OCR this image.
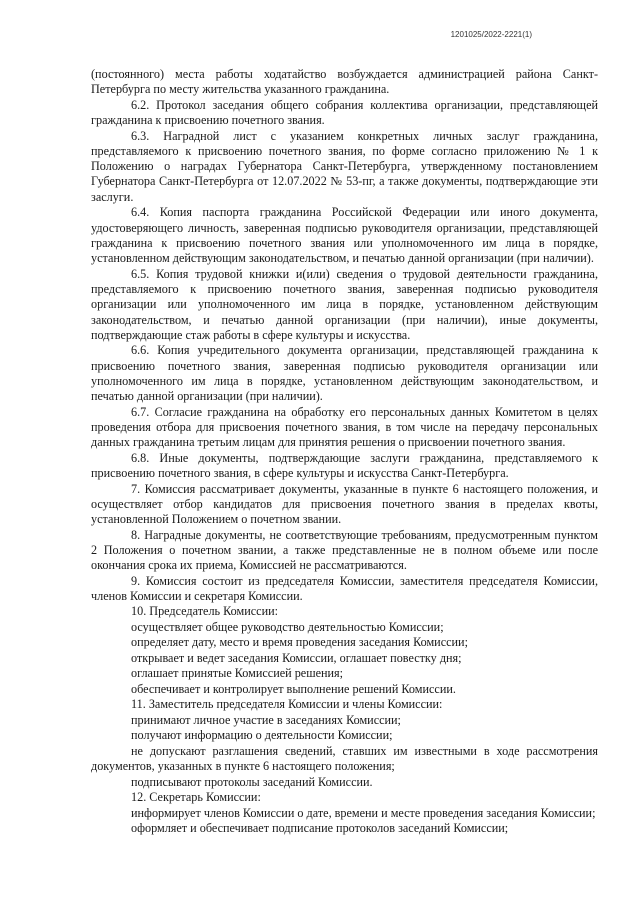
1201025/2022-2221(1)

(постоянного) места работы ходатайство возбуждается администрацией района Санкт-Петербурга по месту жительства указанного гражданина.

6.2. Протокол заседания общего собрания коллектива организации, представляющей гражданина к присвоению почетного звания.

6.3. Наградной лист с указанием конкретных личных заслуг гражданина, представляемого к присвоению почетного звания, по форме согласно приложению № 1 к Положению о наградах Губернатора Санкт-Петербурга, утвержденному постановлением Губернатора Санкт-Петербурга от 12.07.2022 № 53-пг, а также документы, подтверждающие эти заслуги.

6.4. Копия паспорта гражданина Российской Федерации или иного документа, удостоверяющего личность, заверенная подписью руководителя организации, представляющей гражданина к присвоению почетного звания или уполномоченного им лица в порядке, установленном действующим законодательством, и печатью данной организации (при наличии).

6.5. Копия трудовой книжки и(или) сведения о трудовой деятельности гражданина, представляемого к присвоению почетного звания, заверенная подписью руководителя организации или уполномоченного им лица в порядке, установленном действующим законодательством, и печатью данной организации (при наличии), иные документы, подтверждающие стаж работы в сфере культуры и искусства.

6.6. Копия учредительного документа организации, представляющей гражданина к присвоению почетного звания, заверенная подписью руководителя организации или уполномоченного им лица в порядке, установленном действующим законодательством, и печатью данной организации (при наличии).

6.7. Согласие гражданина на обработку его персональных данных Комитетом в целях проведения отбора для присвоения почетного звания, в том числе на передачу персональных данных гражданина третьим лицам для принятия решения о присвоении почетного звания.

6.8. Иные документы, подтверждающие заслуги гражданина, представляемого к присвоению почетного звания, в сфере культуры и искусства Санкт-Петербурга.

7. Комиссия рассматривает документы, указанные в пункте 6 настоящего положения, и осуществляет отбор кандидатов для присвоения почетного звания в пределах квоты, установленной Положением о почетном звании.

8. Наградные документы, не соответствующие требованиям, предусмотренным пунктом 2 Положения о почетном звании, а также представленные не в полном объеме или после окончания срока их приема, Комиссией не рассматриваются.

9. Комиссия состоит из председателя Комиссии, заместителя председателя Комиссии, членов Комиссии и секретаря Комиссии.

10. Председатель Комиссии:

осуществляет общее руководство деятельностью Комиссии;

определяет дату, место и время проведения заседания Комиссии;

открывает и ведет заседания Комиссии, оглашает повестку дня;

оглашает принятые Комиссией решения;

обеспечивает и контролирует выполнение решений Комиссии.

11. Заместитель председателя Комиссии и члены Комиссии:

принимают личное участие в заседаниях Комиссии;

получают информацию о деятельности Комиссии;

не допускают разглашения сведений, ставших им известными в ходе рассмотрения документов, указанных в пункте 6 настоящего положения;

подписывают протоколы заседаний Комиссии.

12. Секретарь Комиссии:

информирует членов Комиссии о дате, времени и месте проведения заседания Комиссии;

оформляет и обеспечивает подписание протоколов заседаний Комиссии;
